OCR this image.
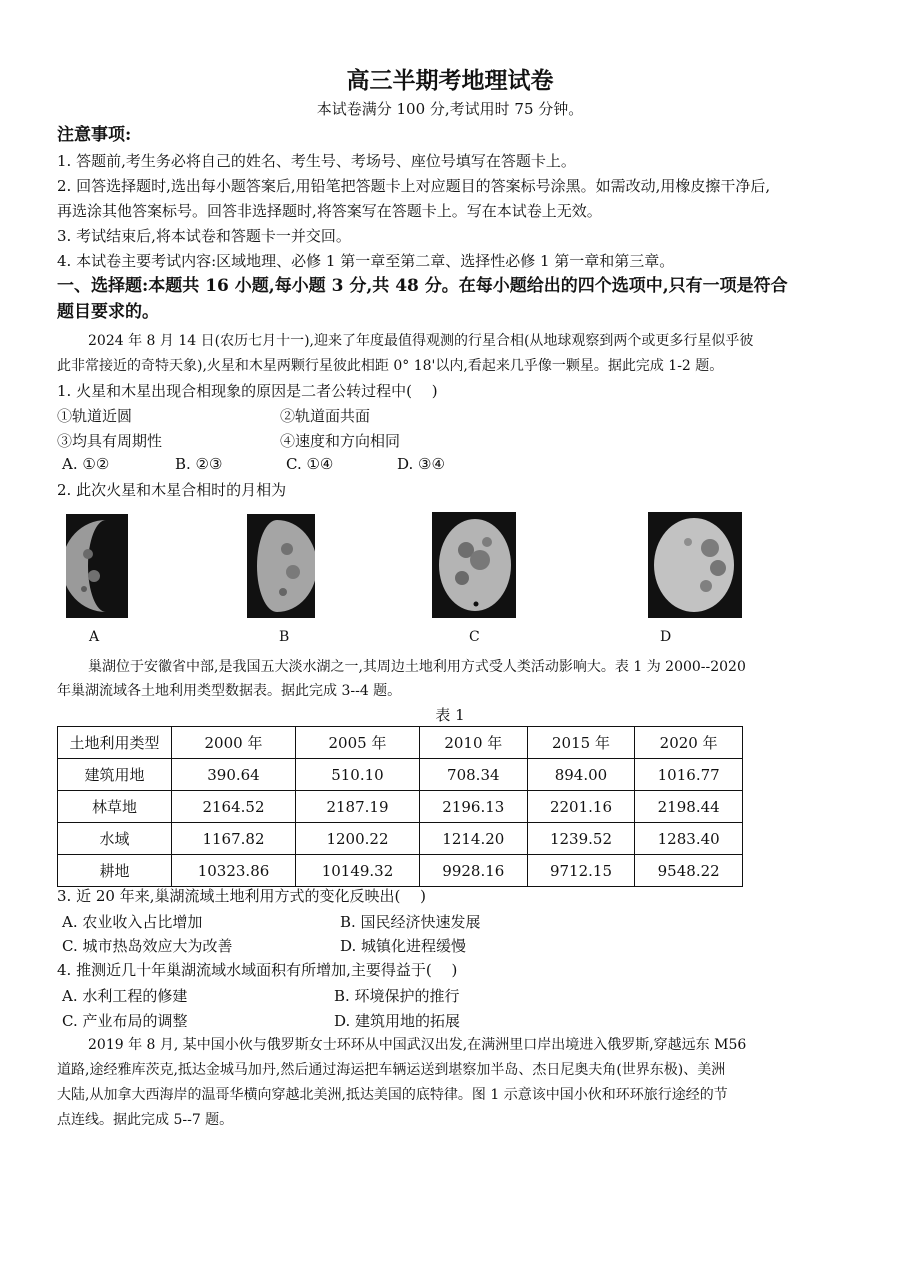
高三半期考地理试卷
本试卷满分 100 分,考试用时 75 分钟。
注意事项:
1. 答题前,考生务必将自己的姓名、考生号、考场号、座位号填写在答题卡上。
2. 回答选择题时,选出每小题答案后,用铅笔把答题卡上对应题目的答案标号涂黑。如需改动,用橡皮擦干净后,
再选涂其他答案标号。回答非选择题时,将答案写在答题卡上。写在本试卷上无效。
3. 考试结束后,将本试卷和答题卡一并交回。
4. 本试卷主要考试内容:区域地理、必修 1 第一章至第二章、选择性必修 1 第一章和第三章。
一、选择题:本题共 16 小题,每小题 3 分,共 48 分。在每小题给出的四个选项中,只有一项是符合
题目要求的。
2024 年 8 月 14 日(农历七月十一),迎来了年度最值得观测的行星合相(从地球观察到两个或更多行星似乎彼
此非常接近的奇特天象),火星和木星两颗行星彼此相距 0° 18'以内,看起来几乎像一颗星。据此完成 1-2 题。
1. 火星和木星出现合相现象的原因是二者公转过程中(　 )
①轨道近圆	②轨道面共面
③均具有周期性	④速度和方向相同
A. ①②	B. ②③	C. ①④	D. ③④
2. 此次火星和木星合相时的月相为
A	B	C	D
巢湖位于安徽省中部,是我国五大淡水湖之一,其周边土地利用方式受人类活动影响大。表 1 为 2000--2020
年巢湖流域各土地利用类型数据表。据此完成 3--4 题。
表 1
土地利用类型	2000 年	2005 年	2010 年	2015 年	2020 年
建筑用地	390.64	510.10	708.34	894.00	1016.77
林草地	2164.52	2187.19	2196.13	2201.16	2198.44
水域	1167.82	1200.22	1214.20	1239.52	1283.40
耕地	10323.86	10149.32	9928.16	9712.15	9548.22
3. 近 20 年来,巢湖流域土地利用方式的变化反映出(　 )
A. 农业收入占比增加	B. 国民经济快速发展
C. 城市热岛效应大为改善	D. 城镇化进程缓慢
4. 推测近几十年巢湖流域水域面积有所增加,主要得益于(　 )
A. 水利工程的修建	B. 环境保护的推行
C. 产业布局的调整	D. 建筑用地的拓展
2019 年 8 月, 某中国小伙与俄罗斯女士环环从中国武汉出发,在满洲里口岸出境进入俄罗斯,穿越远东 M56
道路,途经雅库茨克,抵达金城马加丹,然后通过海运把车辆运送到堪察加半岛、杰日尼奥夫角(世界东极)、美洲
大陆,从加拿大西海岸的温哥华横向穿越北美洲,抵达美国的底特律。图 1 示意该中国小伙和环环旅行途经的节
点连线。据此完成 5--7 题。
